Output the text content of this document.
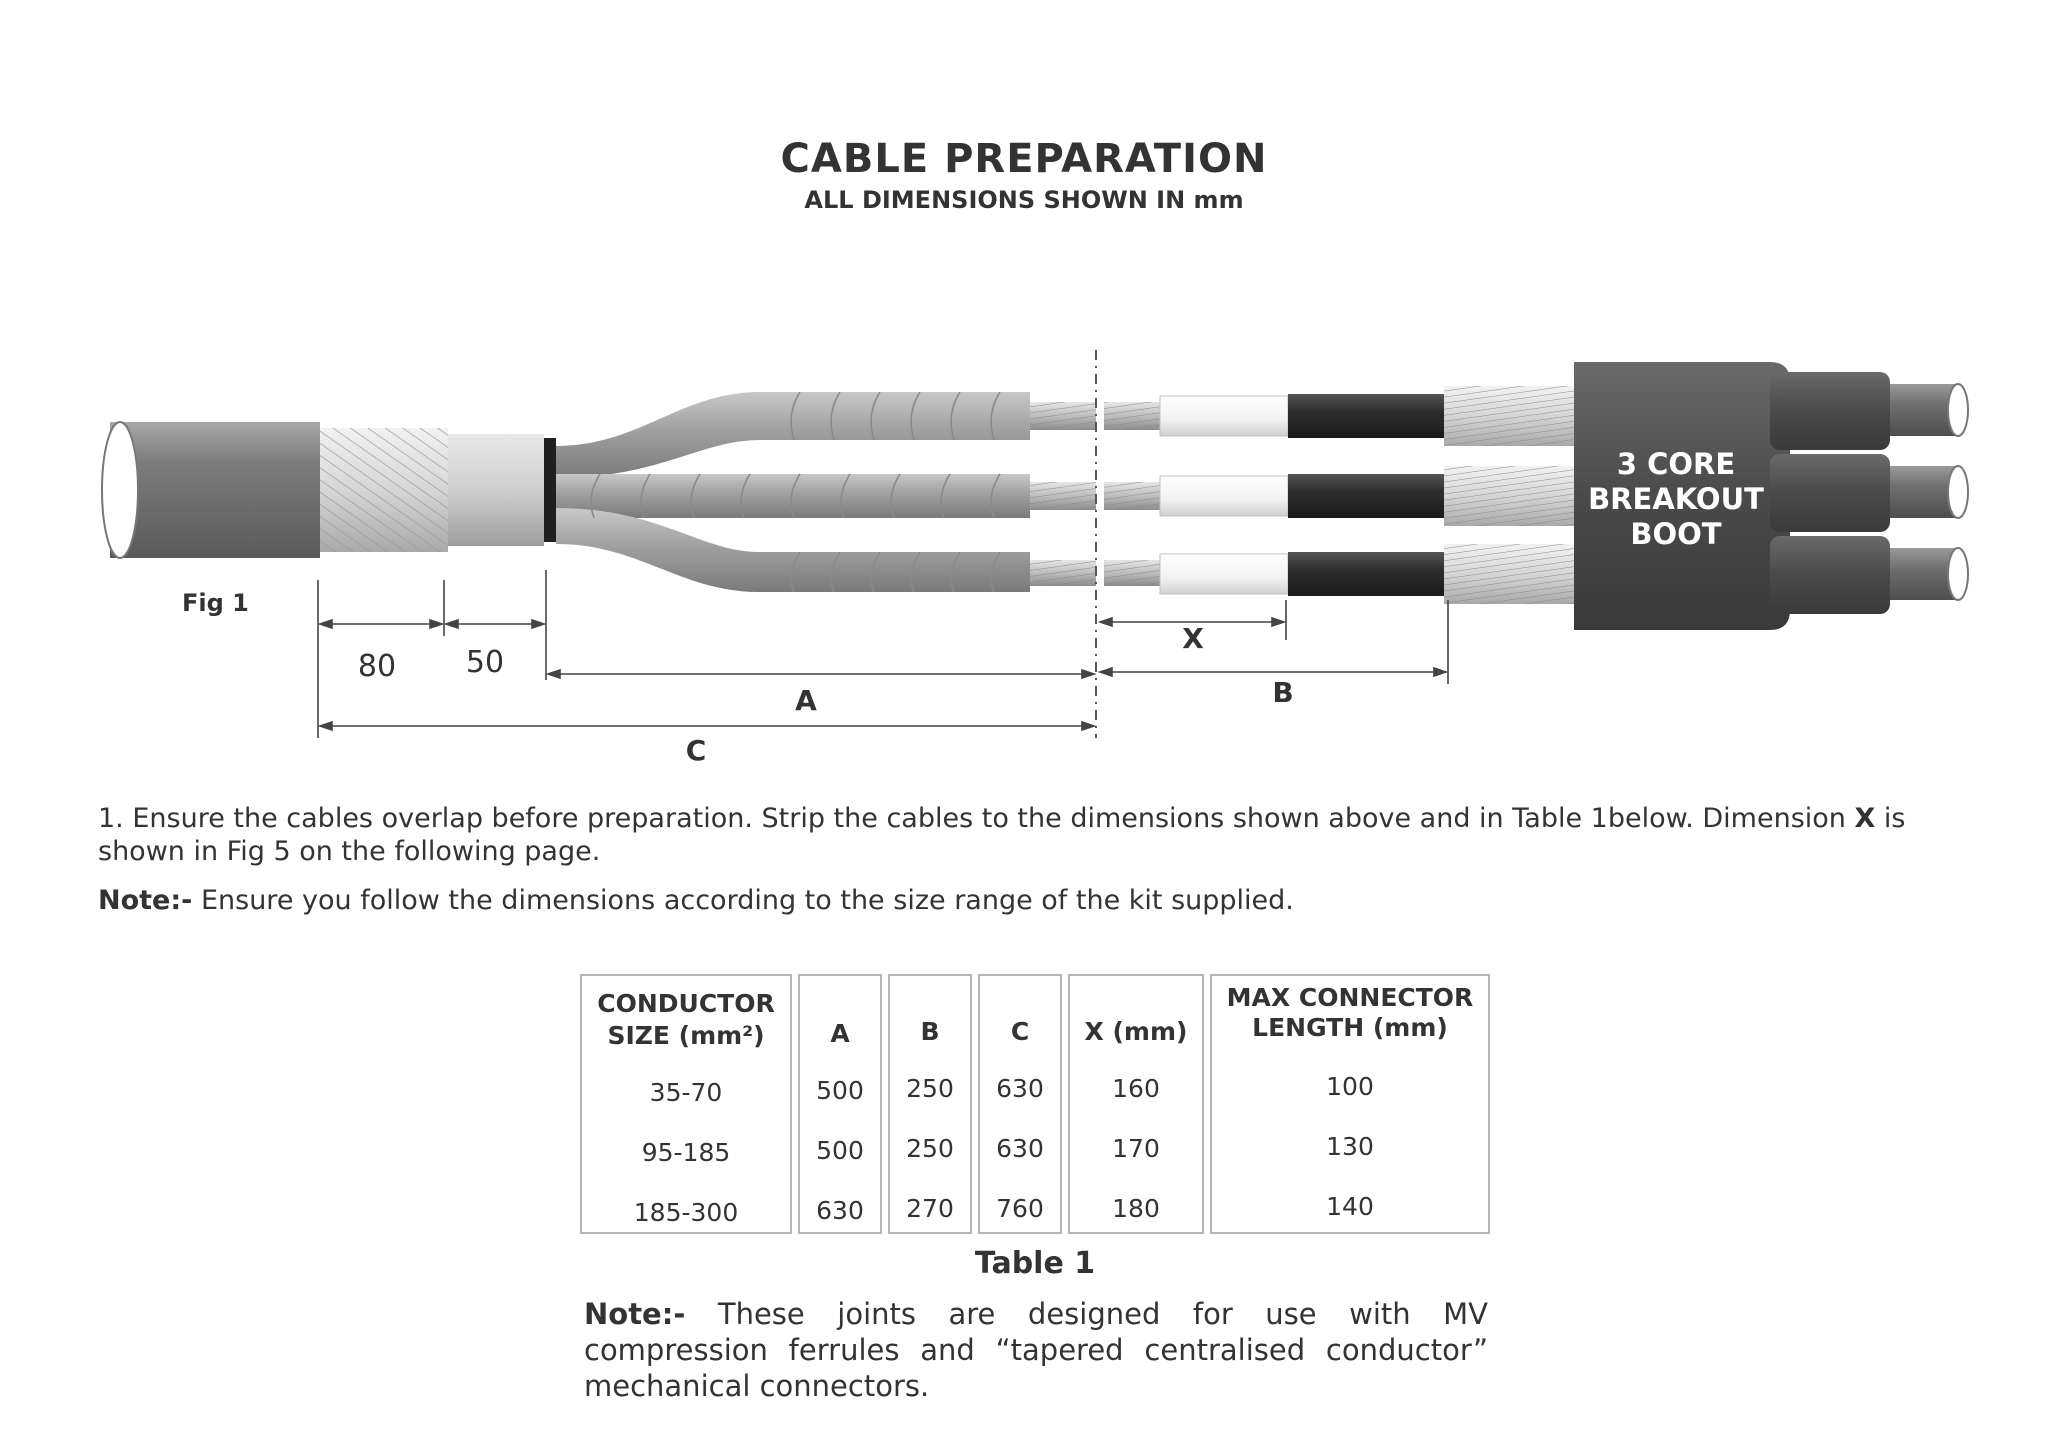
CABLE PREPARATION
ALL DIMENSIONS SHOWN IN mm
3 CORE
BREAKOUT
BOOT
Fig 1
80 50
A
X
B
C
1. Ensure the cables overlap before preparation. Strip the cables to the dimensions shown above and in Table 1below. Dimension X is shown in Fig 5 on the following page.
Note:- Ensure you follow the dimensions according to the size range of the kit supplied.
CONDUCTOR
SIZE (mm²)
35-70
95-185
185-300
A
500
500
630
B
250
250
270
C
630
630
760
X (mm)
160
170
180
MAX CONNECTOR
LENGTH (mm)
100
130
140
Table 1
Note:- These joints are designed for use with MV compression ferrules and “tapered centralised conductor” mechanical connectors.
